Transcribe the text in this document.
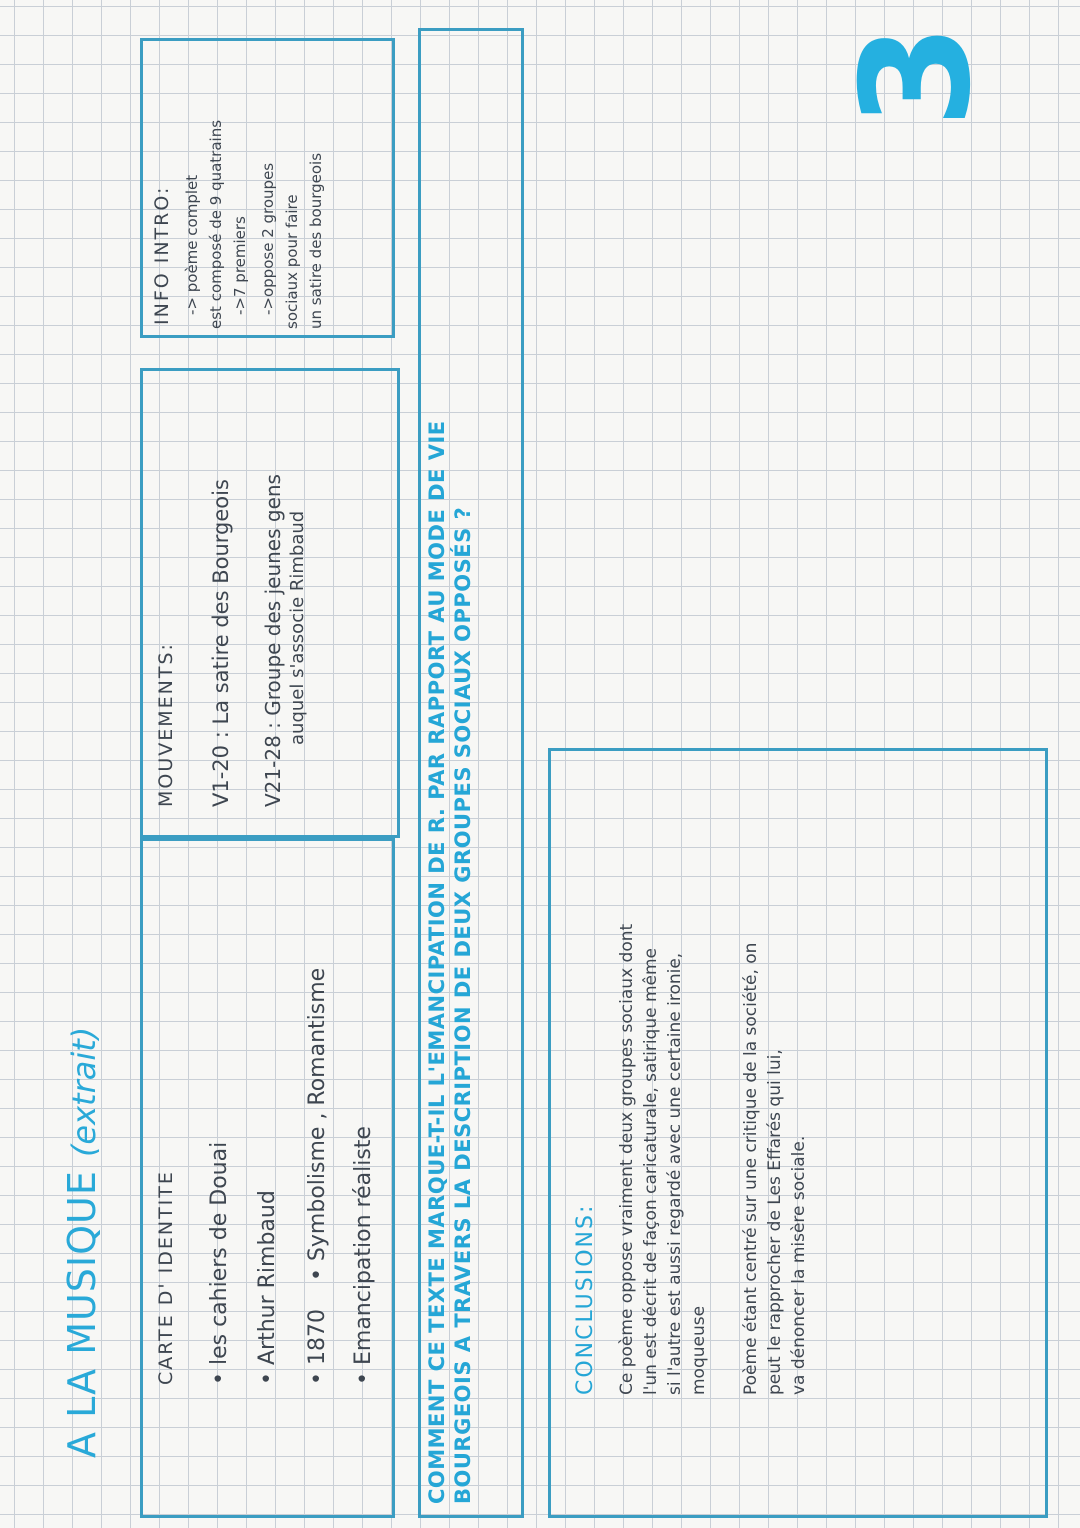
A LA MUSIQUE (extrait)
CARTE D' IDENTITE • les cahiers de Douai
• Arthur Rimbaud
• 1870    • Symbolisme , Romantisme
• Emancipation réaliste
MOUVEMENTS: V1-20 : La satire des Bourgeois V21-28 : Groupe des jeunes gens auquel s'associe Rimbaud
INFO INTRO: -> poème complet est composé de 9 quatrains ->7 premiers ->oppose 2 groupes sociaux pour faire un satire des bourgeois
COMMENT CE TEXTE MARQUE-T-IL L'EMANCIPATION DE R. PAR RAPPORT AU MODE DE VIE BOURGEOIS A TRAVERS LA DESCRIPTION DE DEUX GROUPES SOCIAUX OPPOSÉS ?	CONCLUSIONS: Ce poème oppose vraiment deux groupes sociaux dont l'un est décrit de façon caricaturale, satirique même si l'autre est aussi regardé avec une certaine ironie, moqueuse Poème étant centré sur une critique de la société, on peut le rapprocher de Les Effarés qui lui, va dénoncer la misère sociale.
3
